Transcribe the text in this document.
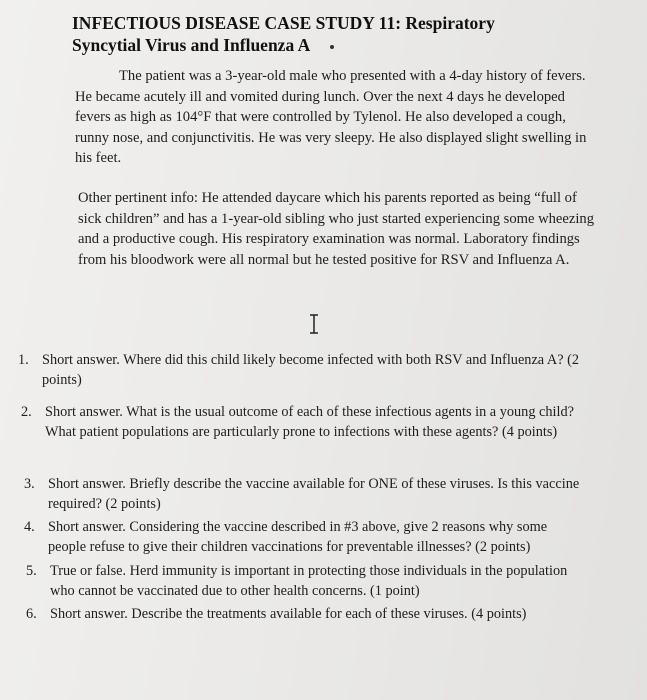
INFECTIOUS DISEASE CASE STUDY 11: Respiratory
Syncytial Virus and Influenza A
The patient was a 3-year-old male who presented with a 4-day history of fevers. He became acutely ill and vomited during lunch. Over the next 4 days he developed fevers as high as 104°F that were controlled by Tylenol. He also developed a cough, runny nose, and conjunctivitis. He was very sleepy. He also displayed slight swelling in his feet.
Other pertinent info: He attended daycare which his parents reported as being “full of sick children” and has a 1-year-old sibling who just started experiencing some wheezing and a productive cough. His respiratory examination was normal. Laboratory findings from his bloodwork were all normal but he tested positive for RSV and Influenza A.
1. Short answer. Where did this child likely become infected with both RSV and Influenza A? (2 points)
2. Short answer. What is the usual outcome of each of these infectious agents in a young child? What patient populations are particularly prone to infections with these agents? (4 points)
3. Short answer. Briefly describe the vaccine available for ONE of these viruses. Is this vaccine required? (2 points)
4. Short answer. Considering the vaccine described in #3 above, give 2 reasons why some people refuse to give their children vaccinations for preventable illnesses? (2 points)
5. True or false. Herd immunity is important in protecting those individuals in the population who cannot be vaccinated due to other health concerns. (1 point)
6. Short answer. Describe the treatments available for each of these viruses. (4 points)
